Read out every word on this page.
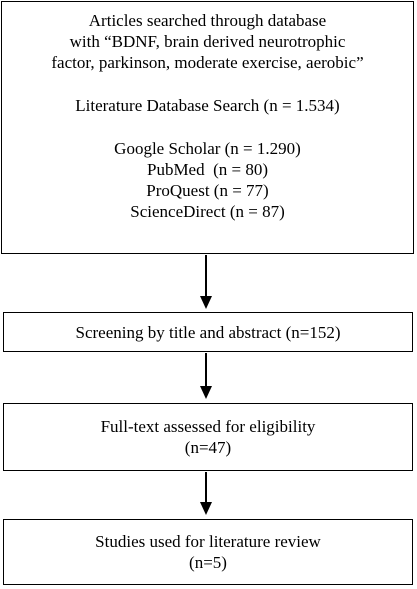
Articles searched through database
with “BDNF, brain derived neurotrophic
factor, parkinson, moderate exercise, aerobic”
Literature Database Search (n = 1.534)
Google Scholar (n = 1.290)
PubMed  (n = 80)
ProQuest (n = 77)
ScienceDirect (n = 87)
Screening by title and abstract (n=152)
Full-text assessed for eligibility
(n=47)
Studies used for literature review
(n=5)
